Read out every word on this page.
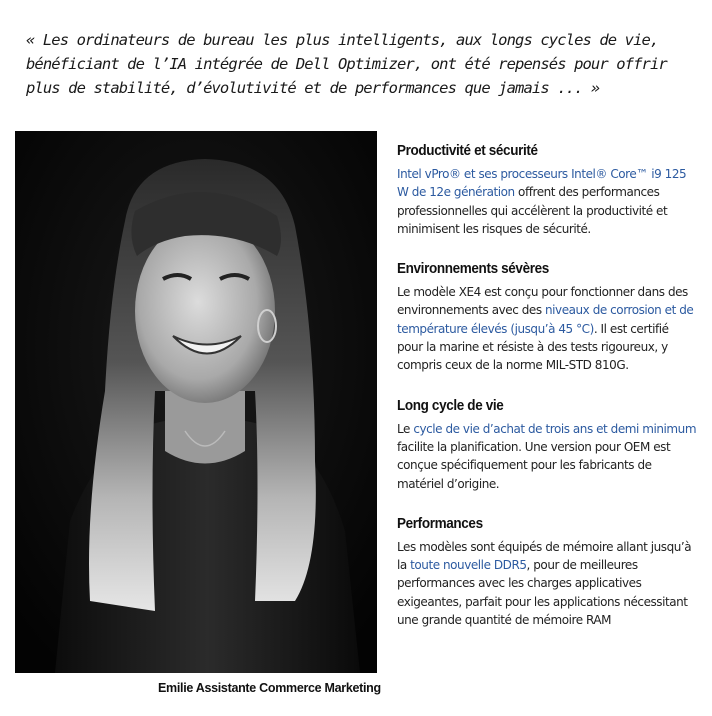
« Les ordinateurs de bureau les plus intelligents, aux longs cycles de vie, bénéficiant de l’IA intégrée de Dell Optimizer, ont été repensés pour offrir plus de stabilité, d’évolutivité et de performances que jamais ... »

Emilie Assistante Commerce Marketing
Productivité et sécurité

Intel vPro® et ses processeurs Intel® Core™ i9 125 W de 12e génération offrent des performances professionnelles qui accélèrent la productivité et minimisent les risques de sécurité.

Environnements sévères

Le modèle XE4 est conçu pour fonctionner dans des environnements avec des niveaux de corrosion et de température élevés (jusqu’à 45 °C). Il est certifié pour la marine et résiste à des tests rigoureux, y compris ceux de la norme MIL-STD 810G.

Long cycle de vie

Le cycle de vie d’achat de trois ans et demi minimum facilite la planification. Une version pour OEM est conçue spécifiquement pour les fabricants de matériel d’origine.

Performances

Les modèles sont équipés de mémoire allant jusqu’à la toute nouvelle DDR5, pour de meilleures performances avec les charges applicatives exigeantes, parfait pour les applications nécessitant une grande quantité de mémoire RAM
